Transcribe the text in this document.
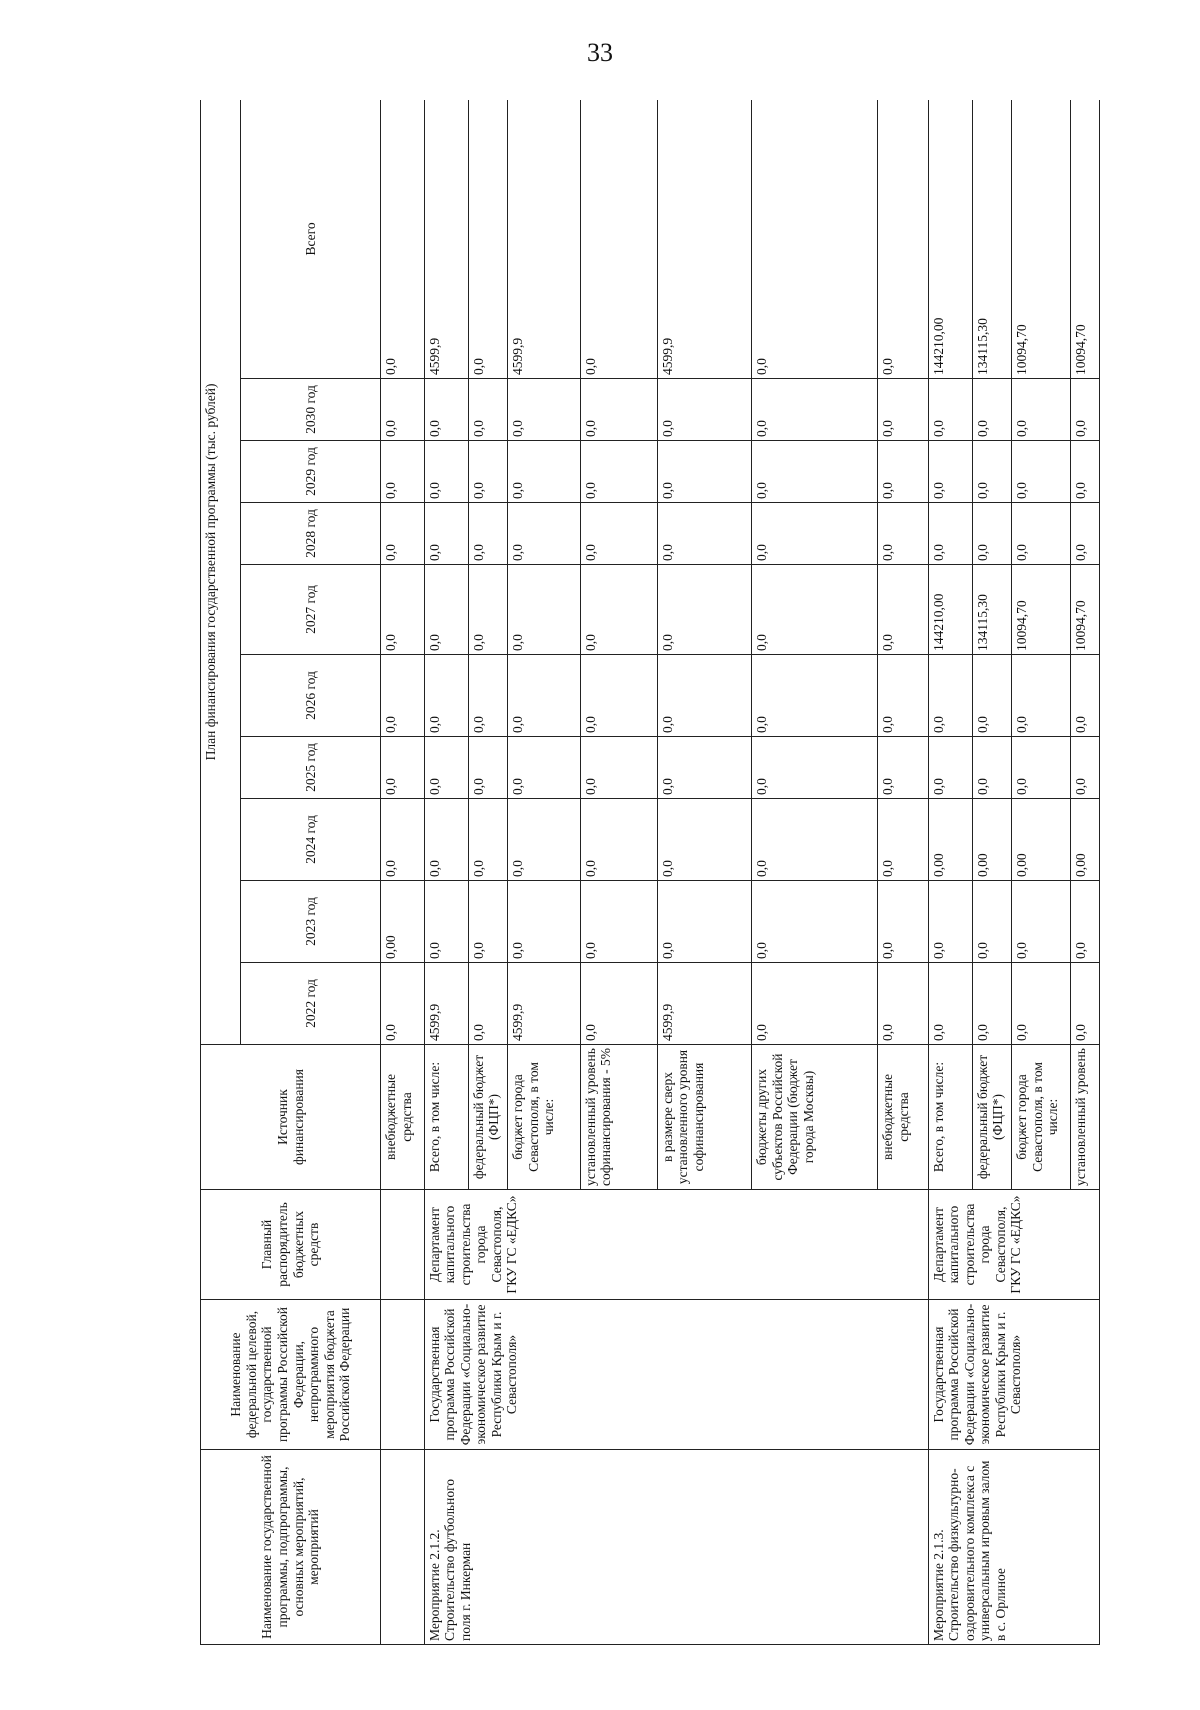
33
Наименование государственной программы, подпрограммы, основных мероприятий, мероприятий	Наименование федеральной целевой, государственной программы Российской Федерации, непрограммного мероприятия бюджета Российской Федерации	Главный распорядитель бюджетных средств	Источник финансирования	План финансирования государственной программы (тыс. рублей)									
				2022 год	2023 год	2024 год	2025 год	2026 год	2027 год	2028 год	2029 год	2030 год	Всего
			внебюджетные средства	0,0	0,00	0,0	0,0	0,0	0,0	0,0	0,0	0,0	0,0
Мероприятие 2.1.2. Строительство футбольного поля г. Инкерман	Государственная программа Российской Федерации «Социально-экономическое развитие Республики Крым и г. Севастополя»	Департамент капитального строительства города Севастополя, ГКУ ГС «ЕДКС»	Всего, в том числе:	4599,9	0,0	0,0	0,0	0,0	0,0	0,0	0,0	0,0	4599,9
			федеральный бюджет (ФЦП*)	0,0	0,0	0,0	0,0	0,0	0,0	0,0	0,0	0,0	0,0
			бюджет города Севастополя, в том числе:	4599,9	0,0	0,0	0,0	0,0	0,0	0,0	0,0	0,0	4599,9
			установленный уровень софинансирования - 5%	0,0	0,0	0,0	0,0	0,0	0,0	0,0	0,0	0,0	0,0
			в размере сверх установленного уровня софинансирования	4599,9	0,0	0,0	0,0	0,0	0,0	0,0	0,0	0,0	4599,9
			бюджеты других субъектов Российской Федерации (бюджет города Москвы)	0,0	0,0	0,0	0,0	0,0	0,0	0,0	0,0	0,0	0,0
			внебюджетные средства	0,0	0,0	0,0	0,0	0,0	0,0	0,0	0,0	0,0	0,0
Мероприятие 2.1.3. Строительство физкультурно-оздоровительного комплекса с универсальным игровым залом в с. Орлиное	Государственная программа Российской Федерации «Социально-экономическое развитие Республики Крым и г. Севастополя»	Департамент капитального строительства города Севастополя, ГКУ ГС «ЕДКС»	Всего, в том числе:	0,0	0,0	0,00	0,0	0,0	144210,00	0,0	0,0	0,0	144210,00
			федеральный бюджет (ФЦП*)	0,0	0,0	0,00	0,0	0,0	134115,30	0,0	0,0	0,0	134115,30
			бюджет города Севастополя, в том числе:	0,0	0,0	0,00	0,0	0,0	10094,70	0,0	0,0	0,0	10094,70
			установленный уровень	0,0	0,0	0,00	0,0	0,0	10094,70	0,0	0,0	0,0	10094,70
